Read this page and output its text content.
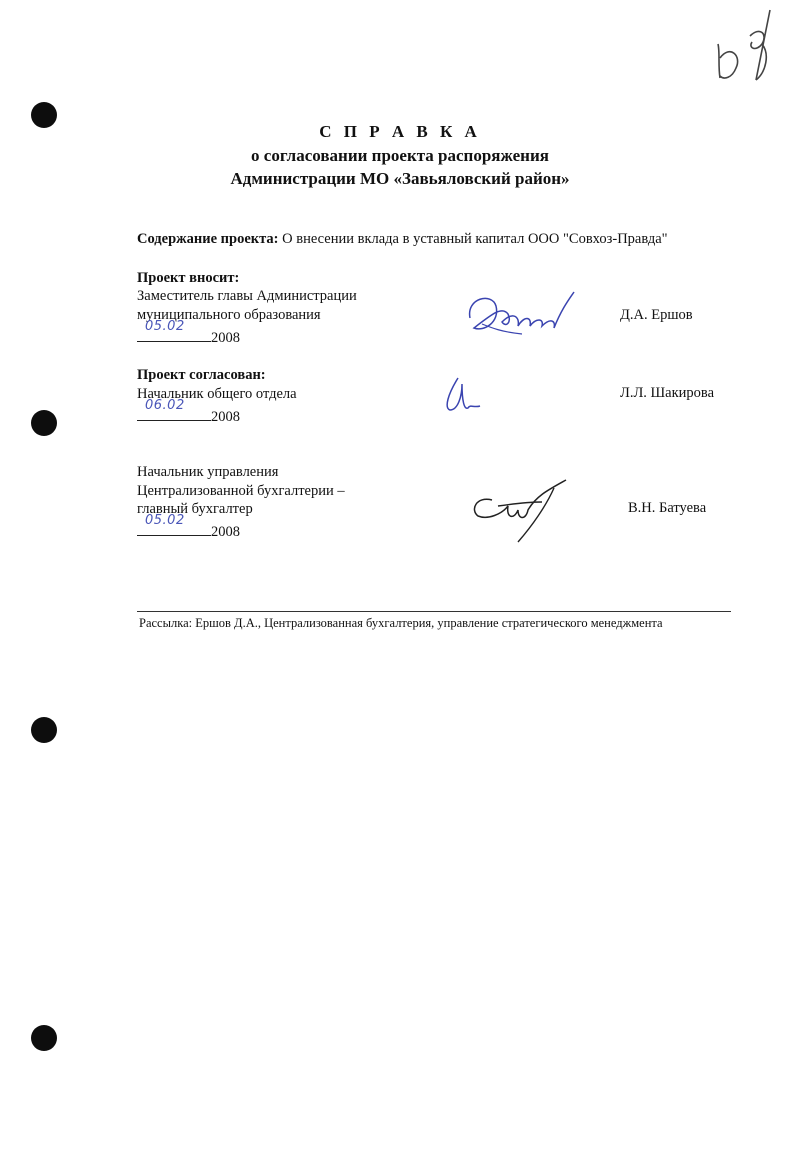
С П Р А В К А
о согласовании проекта распоряжения
Администрации МО «Завьяловский район»
Содержание проекта: О внесении вклада в уставный капитал ООО "Совхоз-Правда"
Проект вносит:
Заместитель главы Администрации
муниципального образования
05.02
2008
Д.А. Ершов
Проект согласован:
Начальник общего отдела
06.02
2008
Л.Л. Шакирова
Начальник управления
Централизованной бухгалтерии –
главный бухгалтер
05.02
2008
В.Н. Батуева
Рассылка: Ершов Д.А., Централизованная бухгалтерия, управление стратегического менеджмента
